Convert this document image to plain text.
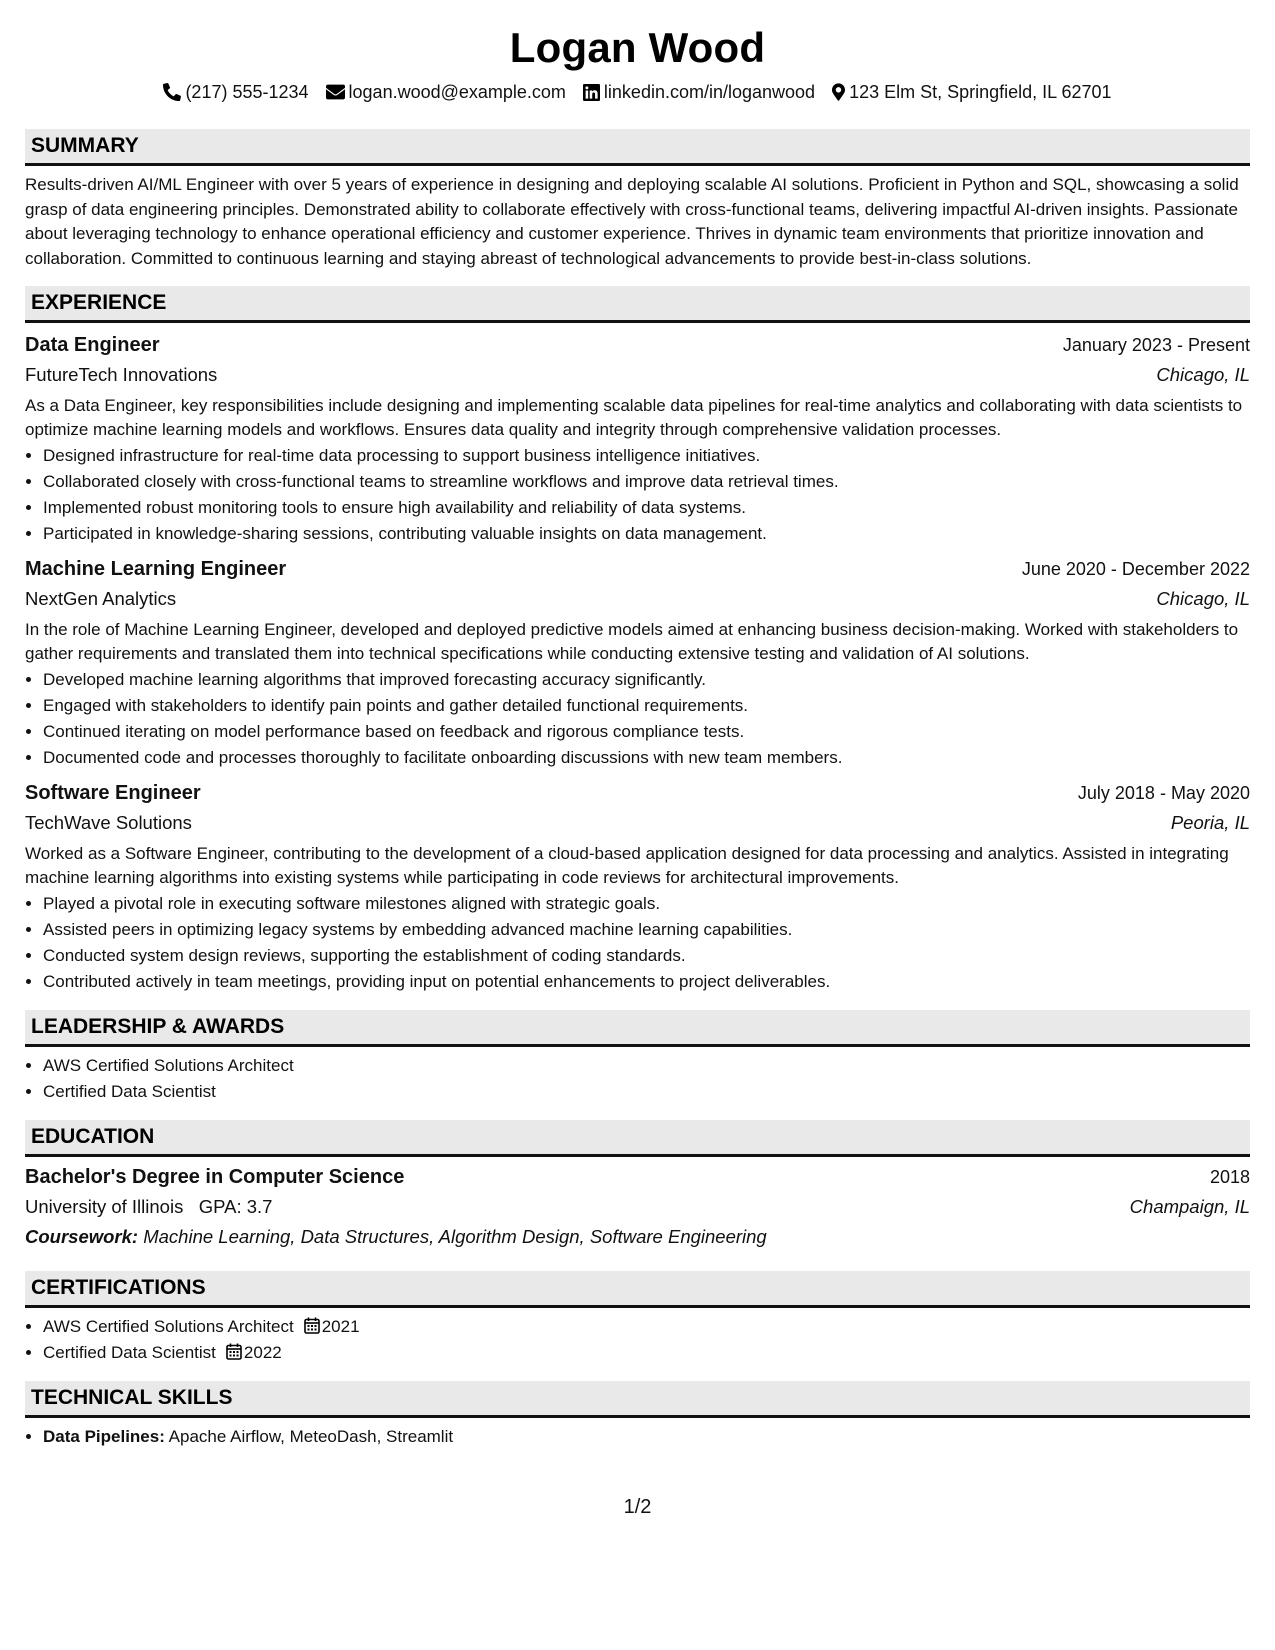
Logan Wood
(217) 555-1234 logan.wood@example.com linkedin.com/in/loganwood 123 Elm St, Springfield, IL 62701
SUMMARY

Results-driven AI/ML Engineer with over 5 years of experience in designing and deploying scalable AI solutions. Proficient in Python and SQL, showcasing a solid grasp of data engineering principles. Demonstrated ability to collaborate effectively with cross-functional teams, delivering impactful AI-driven insights. Passionate about leveraging technology to enhance operational efficiency and customer experience. Thrives in dynamic team environments that prioritize innovation and collaboration. Committed to continuous learning and staying abreast of technological advancements to provide best-in-class solutions.

EXPERIENCE
Data Engineer	January 2023 - Present
FutureTech Innovations	Chicago, IL
As a Data Engineer, key responsibilities include designing and implementing scalable data pipelines for real-time analytics and collaborating with data scientists to optimize machine learning models and workflows. Ensures data quality and integrity through comprehensive validation processes.
• Designed infrastructure for real-time data processing to support business intelligence initiatives.
• Collaborated closely with cross-functional teams to streamline workflows and improve data retrieval times.
• Implemented robust monitoring tools to ensure high availability and reliability of data systems.
• Participated in knowledge-sharing sessions, contributing valuable insights on data management.
Machine Learning Engineer	June 2020 - December 2022
NextGen Analytics	Chicago, IL
In the role of Machine Learning Engineer, developed and deployed predictive models aimed at enhancing business decision-making. Worked with stakeholders to gather requirements and translated them into technical specifications while conducting extensive testing and validation of AI solutions.
• Developed machine learning algorithms that improved forecasting accuracy significantly.
• Engaged with stakeholders to identify pain points and gather detailed functional requirements.
• Continued iterating on model performance based on feedback and rigorous compliance tests.
• Documented code and processes thoroughly to facilitate onboarding discussions with new team members.
Software Engineer	July 2018 - May 2020
TechWave Solutions	Peoria, IL
Worked as a Software Engineer, contributing to the development of a cloud-based application designed for data processing and analytics. Assisted in integrating machine learning algorithms into existing systems while participating in code reviews for architectural improvements.
• Played a pivotal role in executing software milestones aligned with strategic goals.
• Assisted peers in optimizing legacy systems by embedding advanced machine learning capabilities.
• Conducted system design reviews, supporting the establishment of coding standards.
• Contributed actively in team meetings, providing input on potential enhancements to project deliverables.
LEADERSHIP & AWARDS
• AWS Certified Solutions Architect
• Certified Data Scientist
EDUCATION
Bachelor's Degree in Computer Science	2018
University of Illinois GPA: 3.7	Champaign, IL
Coursework: Machine Learning, Data Structures, Algorithm Design, Software Engineering
CERTIFICATIONS
• AWS Certified Solutions Architect 2021
• Certified Data Scientist 2022
TECHNICAL SKILLS
• Data Pipelines: Apache Airflow, MeteoDash, Streamlit
1/2
